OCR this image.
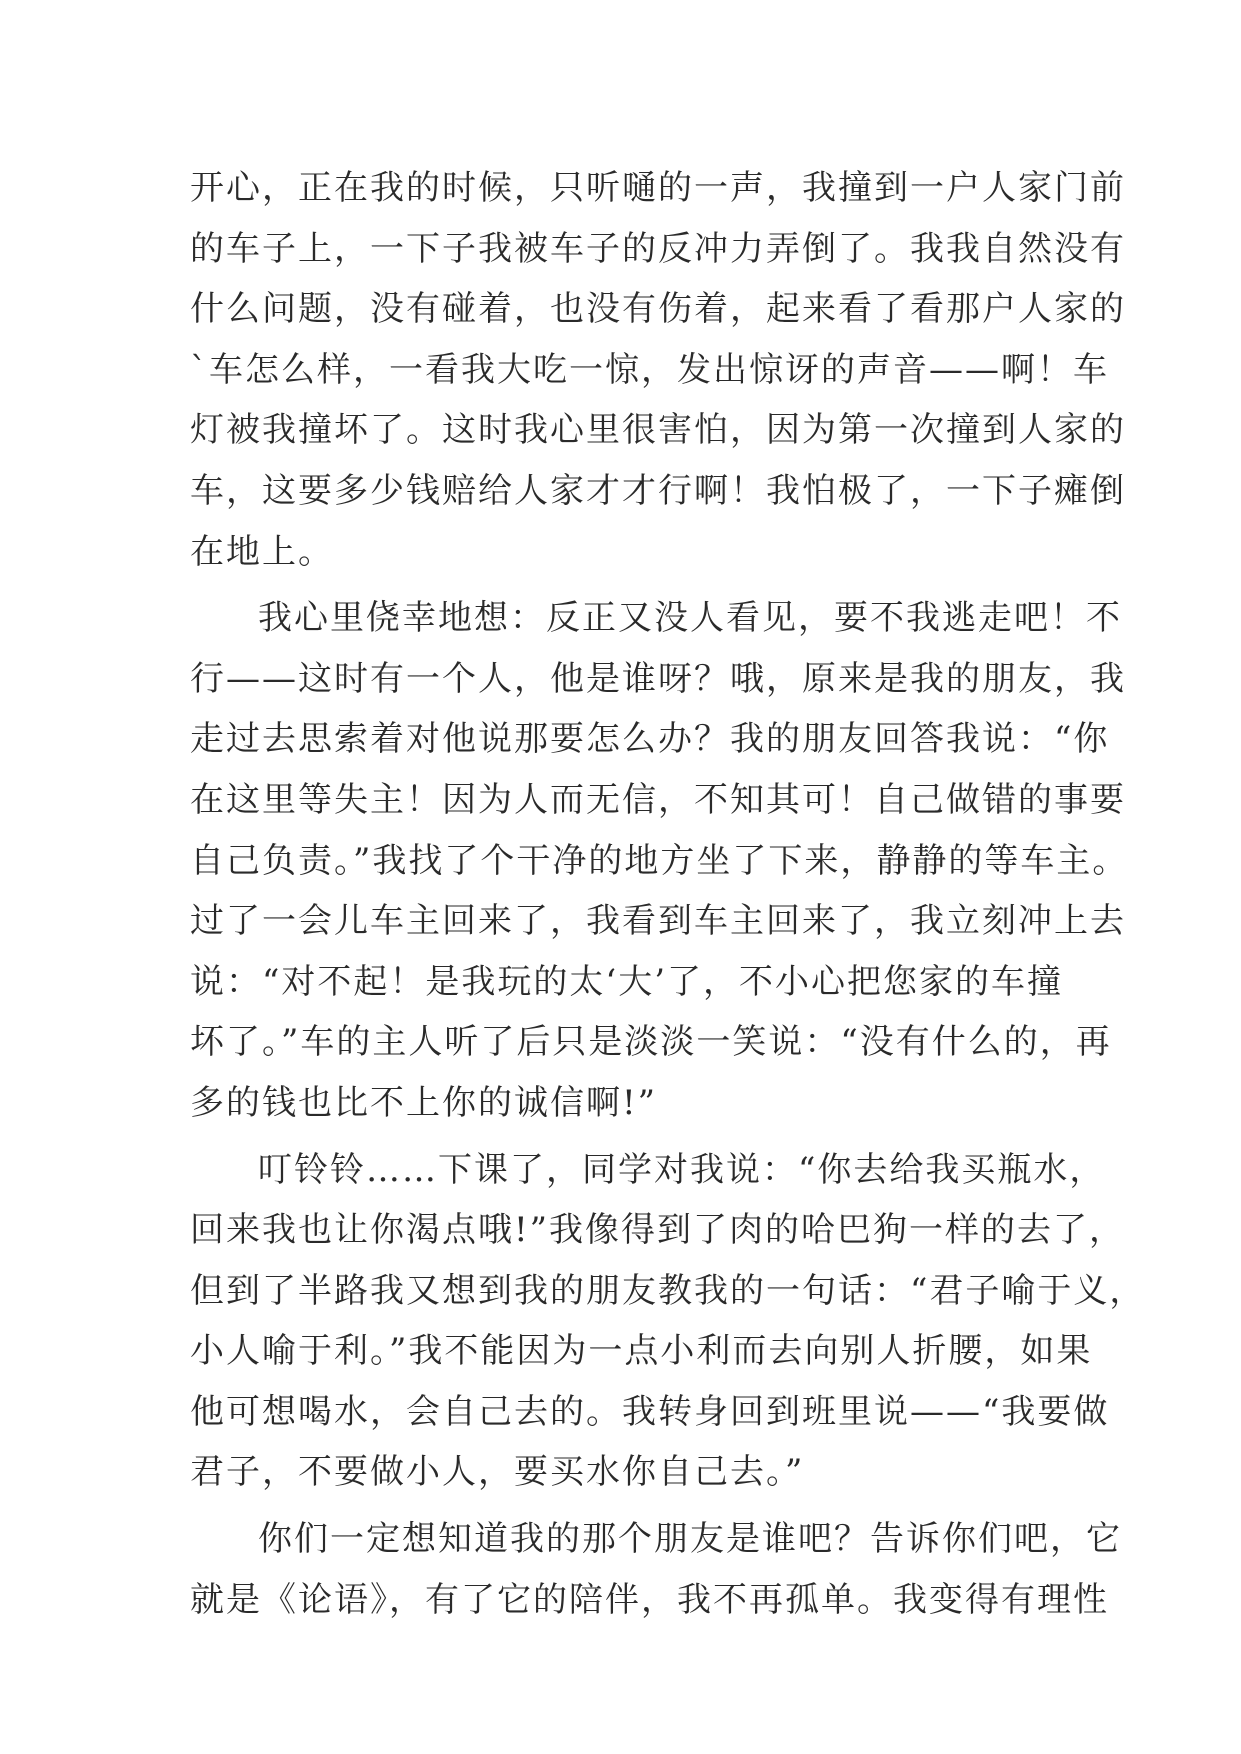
开心，正在我的时候，只听嗵的一声，我撞到一户人家门前
的车子上，一下子我被车子的反冲力弄倒了。我我自然没有
什么问题，没有碰着，也没有伤着，起来看了看那户人家的
`车怎么样，一看我大吃一惊，发出惊讶的声音——啊！车
灯被我撞坏了。这时我心里很害怕，因为第一次撞到人家的
车，这要多少钱赔给人家才才行啊！我怕极了，一下子瘫倒
在地上。
我心里侥幸地想：反正又没人看见，要不我逃走吧！不
行——这时有一个人，他是谁呀？哦，原来是我的朋友，我
走过去思索着对他说那要怎么办？我的朋友回答我说：“你
在这里等失主！因为人而无信，不知其可！自己做错的事要
自己负责。”我找了个干净的地方坐了下来，静静的等车主。
过了一会儿车主回来了，我看到车主回来了，我立刻冲上去
说：“对不起！是我玩的太‘大’了，不小心把您家的车撞
坏了。”车的主人听了后只是淡淡一笑说：“没有什么的，再
多的钱也比不上你的诚信啊!”
叮铃铃……下课了，同学对我说：“你去给我买瓶水，
回来我也让你渴点哦!”我像得到了肉的哈巴狗一样的去了，
但到了半路我又想到我的朋友教我的一句话：“君子喻于义，
小人喻于利。”我不能因为一点小利而去向别人折腰，如果
他可想喝水，会自己去的。我转身回到班里说——“我要做
君子，不要做小人，要买水你自己去。”
你们一定想知道我的那个朋友是谁吧？告诉你们吧，它
就是《论语》，有了它的陪伴，我不再孤单。我变得有理性
